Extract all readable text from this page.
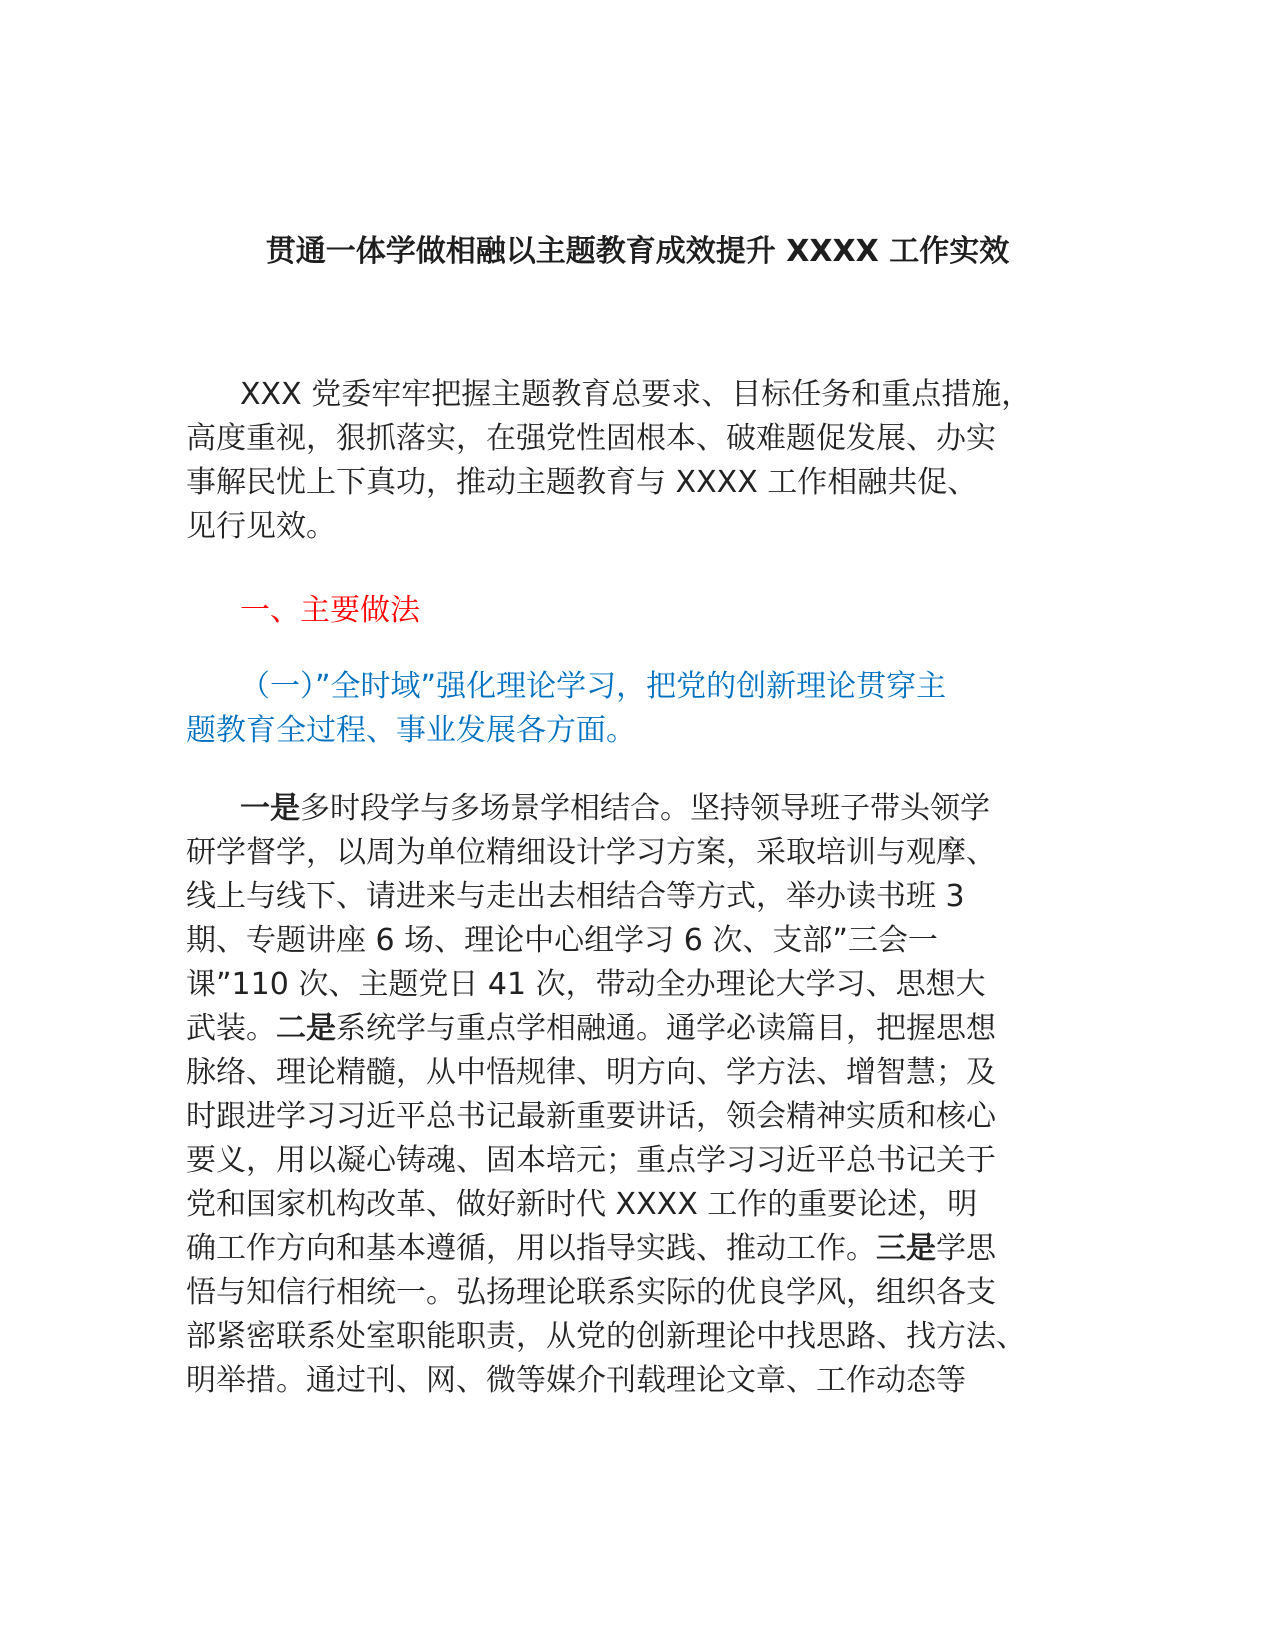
贯通一体学做相融以主题教育成效提升 XXXX 工作实效

XXX 党委牢牢把握主题教育总要求、目标任务和重点措施，

高度重视，狠抓落实，在强党性固根本、破难题促发展、办实

事解民忧上下真功，推动主题教育与 XXXX 工作相融共促、

见行见效。

一、主要做法

（一）”全时域”强化理论学习，把党的创新理论贯穿主

题教育全过程、事业发展各方面。

一是多时段学与多场景学相结合。坚持领导班子带头领学

研学督学，以周为单位精细设计学习方案，采取培训与观摩、

线上与线下、请进来与走出去相结合等方式，举办读书班 3

期、专题讲座 6 场、理论中心组学习 6 次、支部”三会一

课”110 次、主题党日 41 次，带动全办理论大学习、思想大

武装。二是系统学与重点学相融通。通学必读篇目，把握思想

脉络、理论精髓，从中悟规律、明方向、学方法、增智慧；及

时跟进学习习近平总书记最新重要讲话，领会精神实质和核心

要义，用以凝心铸魂、固本培元；重点学习习近平总书记关于

党和国家机构改革、做好新时代 XXXX 工作的重要论述，明

确工作方向和基本遵循，用以指导实践、推动工作。三是学思

悟与知信行相统一。弘扬理论联系实际的优良学风，组织各支

部紧密联系处室职能职责，从党的创新理论中找思路、找方法、

明举措。通过刊、网、微等媒介刊载理论文章、工作动态等
